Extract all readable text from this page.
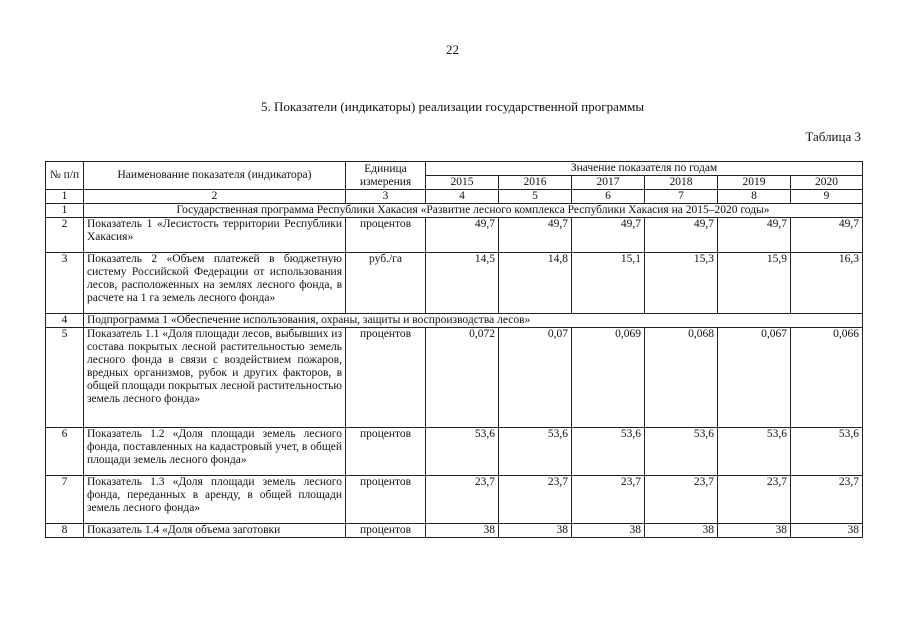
22
5. Показатели (индикаторы) реализации государственной программы
Таблица 3
№ п/п	Наименование показателя (индикатора)	Единица измерения	Значение показателя по годам					
			2015	2016	2017	2018	2019	2020
1	2	3	4	5	6	7	8	9
1	Государственная программа Республики Хакасия «Развитие лесного комплекса Республики Хакасия на 2015–2020 годы»							
2	Показатель 1 «Лесистость территории Республики Хакасия»	процентов	49,7	49,7	49,7	49,7	49,7	49,7
3	Показатель 2 «Объем платежей в бюджетную систему Российской Федерации от использования лесов, расположенных на землях лесного фонда, в расчете на 1 га земель лесного фонда»	руб./га	14,5	14,8	15,1	15,3	15,9	16,3
4	Подпрограмма 1 «Обеспечение использования, охраны, защиты и воспроизводства лесов»							
5	Показатель 1.1 «Доля площади лесов, выбывших из состава покрытых лесной растительностью земель лесного фонда в связи с воздействием пожаров, вредных организмов, рубок и других факторов, в общей площади покрытых лесной растительностью земель лесного фонда»	процентов	0,072	0,07	0,069	0,068	0,067	0,066
6	Показатель 1.2 «Доля площади земель лесного фонда, поставленных на кадастровый учет, в общей площади земель лесного фонда»	процентов	53,6	53,6	53,6	53,6	53,6	53,6
7	Показатель 1.3 «Доля площади земель лесного фонда, переданных в аренду, в общей площади земель лесного фонда»	процентов	23,7	23,7	23,7	23,7	23,7	23,7
8	Показатель 1.4 «Доля объема заготовки	процентов	38	38	38	38	38	38
